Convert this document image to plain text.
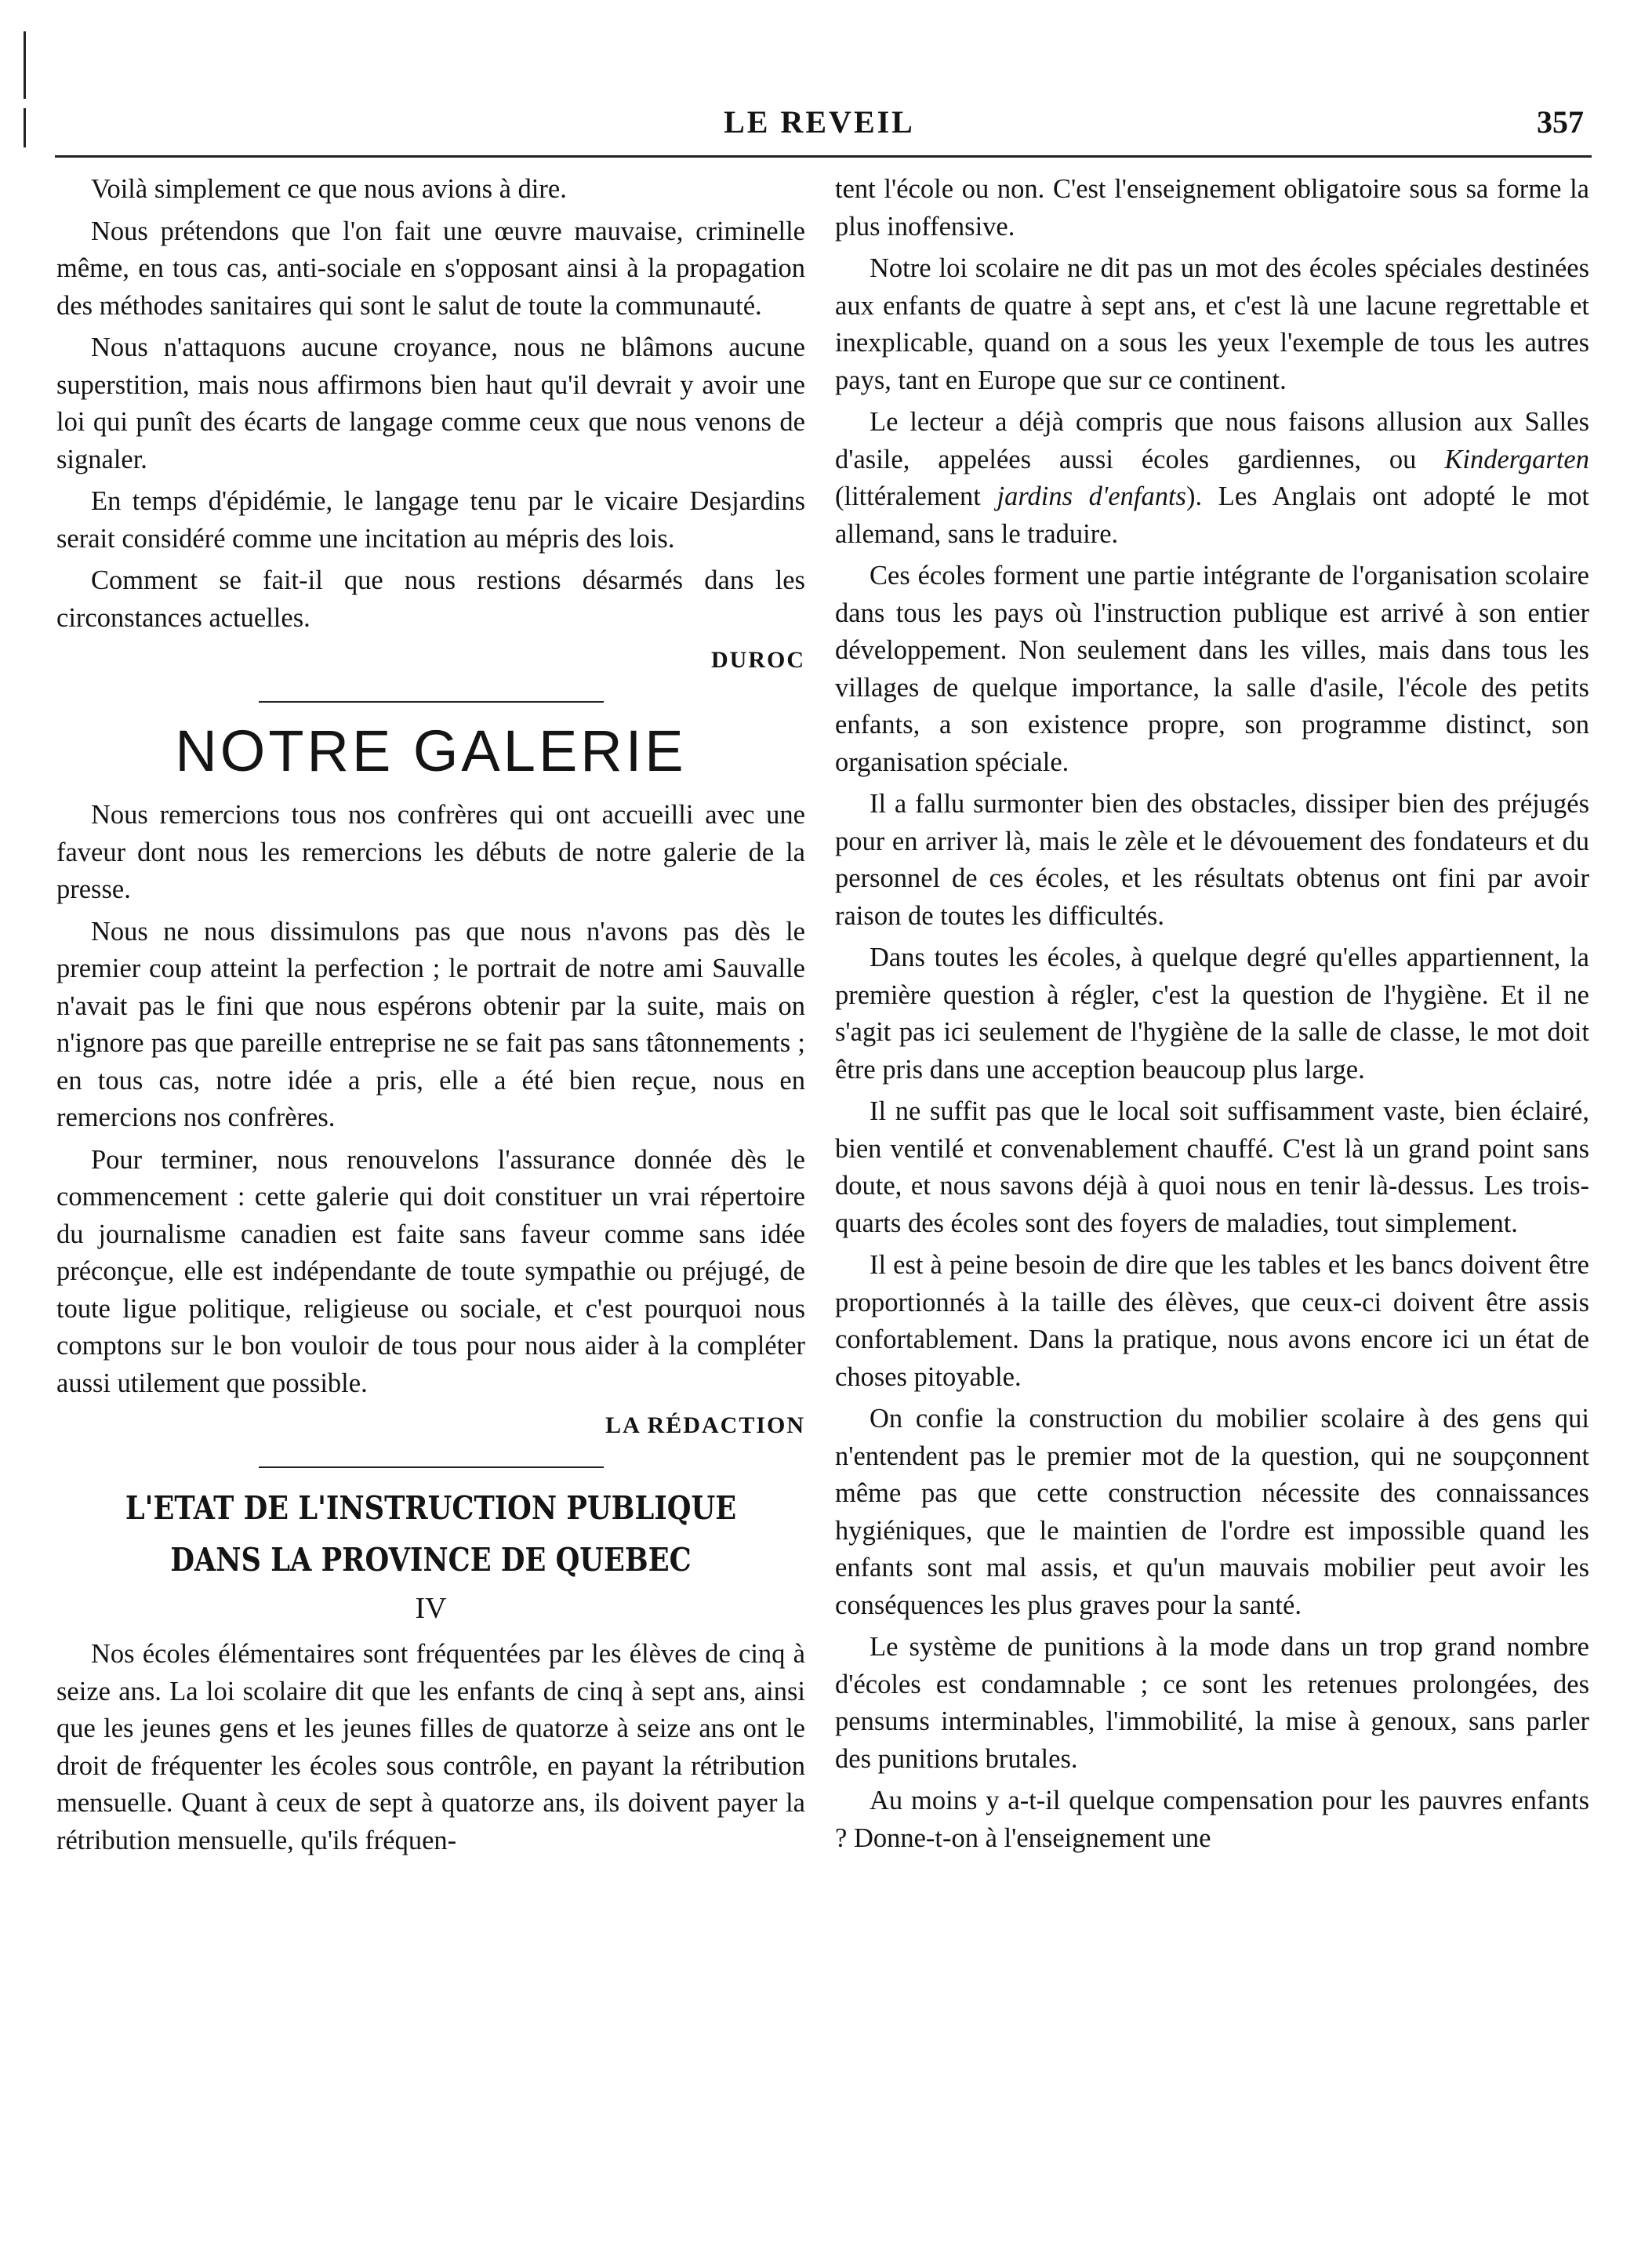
LE REVEIL	357

Voilà simplement ce que nous avions à dire.

Nous prétendons que l'on fait une œuvre mauvaise, criminelle même, en tous cas, anti-sociale en s'opposant ainsi à la propagation des méthodes sanitaires qui sont le salut de toute la communauté.

Nous n'attaquons aucune croyance, nous ne blâmons aucune superstition, mais nous affirmons bien haut qu'il devrait y avoir une loi qui punît des écarts de langage comme ceux que nous venons de signaler.

En temps d'épidémie, le langage tenu par le vicaire Desjardins serait considéré comme une incitation au mépris des lois.

Comment se fait-il que nous restions désarmés dans les circonstances actuelles.

DUROC
NOTRE GALERIE

Nous remercions tous nos confrères qui ont accueilli avec une faveur dont nous les remercions les débuts de notre galerie de la presse.

Nous ne nous dissimulons pas que nous n'avons pas dès le premier coup atteint la perfection ; le portrait de notre ami Sauvalle n'avait pas le fini que nous espérons obtenir par la suite, mais on n'ignore pas que pareille entreprise ne se fait pas sans tâtonnements ; en tous cas, notre idée a pris, elle a été bien reçue, nous en remercions nos confrères.

Pour terminer, nous renouvelons l'assurance donnée dès le commencement : cette galerie qui doit constituer un vrai répertoire du journalisme canadien est faite sans faveur comme sans idée préconçue, elle est indépendante de toute sympathie ou préjugé, de toute ligue politique, religieuse ou sociale, et c'est pourquoi nous comptons sur le bon vouloir de tous pour nous aider à la compléter aussi utilement que possible.

LA RÉDACTION
L'ETAT DE L'INSTRUCTION PUBLIQUE DANS LA PROVINCE DE QUEBEC
IV

Nos écoles élémentaires sont fréquentées par les élèves de cinq à seize ans. La loi scolaire dit que les enfants de cinq à sept ans, ainsi que les jeunes gens et les jeunes filles de quatorze à seize ans ont le droit de fréquenter les écoles sous contrôle, en payant la rétribution mensuelle. Quant à ceux de sept à quatorze ans, ils doivent payer la rétribution mensuelle, qu'ils fréquen-

tent l'école ou non. C'est l'enseignement obligatoire sous sa forme la plus inoffensive.

Notre loi scolaire ne dit pas un mot des écoles spéciales destinées aux enfants de quatre à sept ans, et c'est là une lacune regrettable et inexplicable, quand on a sous les yeux l'exemple de tous les autres pays, tant en Europe que sur ce continent.

Le lecteur a déjà compris que nous faisons allusion aux Salles d'asile, appelées aussi écoles gardiennes, ou Kindergarten (littéralement jardins d'enfants). Les Anglais ont adopté le mot allemand, sans le traduire.

Ces écoles forment une partie intégrante de l'organisation scolaire dans tous les pays où l'instruction publique est arrivé à son entier développement. Non seulement dans les villes, mais dans tous les villages de quelque importance, la salle d'asile, l'école des petits enfants, a son existence propre, son programme distinct, son organisation spéciale.

Il a fallu surmonter bien des obstacles, dissiper bien des préjugés pour en arriver là, mais le zèle et le dévouement des fondateurs et du personnel de ces écoles, et les résultats obtenus ont fini par avoir raison de toutes les difficultés.

Dans toutes les écoles, à quelque degré qu'elles appartiennent, la première question à régler, c'est la question de l'hygiène. Et il ne s'agit pas ici seulement de l'hygiène de la salle de classe, le mot doit être pris dans une acception beaucoup plus large.

Il ne suffit pas que le local soit suffisamment vaste, bien éclairé, bien ventilé et convenablement chauffé. C'est là un grand point sans doute, et nous savons déjà à quoi nous en tenir là-dessus. Les trois-quarts des écoles sont des foyers de maladies, tout simplement.

Il est à peine besoin de dire que les tables et les bancs doivent être proportionnés à la taille des élèves, que ceux-ci doivent être assis confortablement. Dans la pratique, nous avons encore ici un état de choses pitoyable.

On confie la construction du mobilier scolaire à des gens qui n'entendent pas le premier mot de la question, qui ne soupçonnent même pas que cette construction nécessite des connaissances hygiéniques, que le maintien de l'ordre est impossible quand les enfants sont mal assis, et qu'un mauvais mobilier peut avoir les conséquences les plus graves pour la santé.

Le système de punitions à la mode dans un trop grand nombre d'écoles est condamnable ; ce sont les retenues prolongées, des pensums interminables, l'immobilité, la mise à genoux, sans parler des punitions brutales.

Au moins y a-t-il quelque compensation pour les pauvres enfants ? Donne-t-on à l'enseignement une
